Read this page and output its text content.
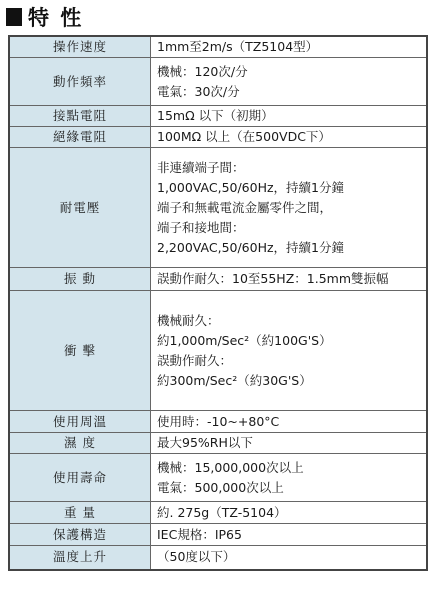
特 性
操作速度	1mm至2m/s（TZ5104型）

動作頻率	機械：120次/分
電氣：30次/分

接點電阻	15mΩ 以下（初期）

絕緣電阻	100MΩ 以上（在500VDC下）

耐電壓	非連續端子間：
1,000VAC,50/60Hz，持續1分鐘
端子和無載電流金屬零件之間，
端子和接地間：
2,200VAC,50/60Hz，持續1分鐘

振 動	誤動作耐久：10至55HZ：1.5mm雙振幅

衝 擊	機械耐久：
約1,000m/Sec²（約100G'S）
誤動作耐久：
約300m/Sec²（約30G'S）

使用周溫	使用時：-10~+80°C

濕 度	最大95%RH以下

使用壽命	機械：15,000,000次以上
電氣：500,000次以上

重 量	約. 275g（TZ-5104）

保護構造	IEC規格：IP65

溫度上升	（50度以下）
